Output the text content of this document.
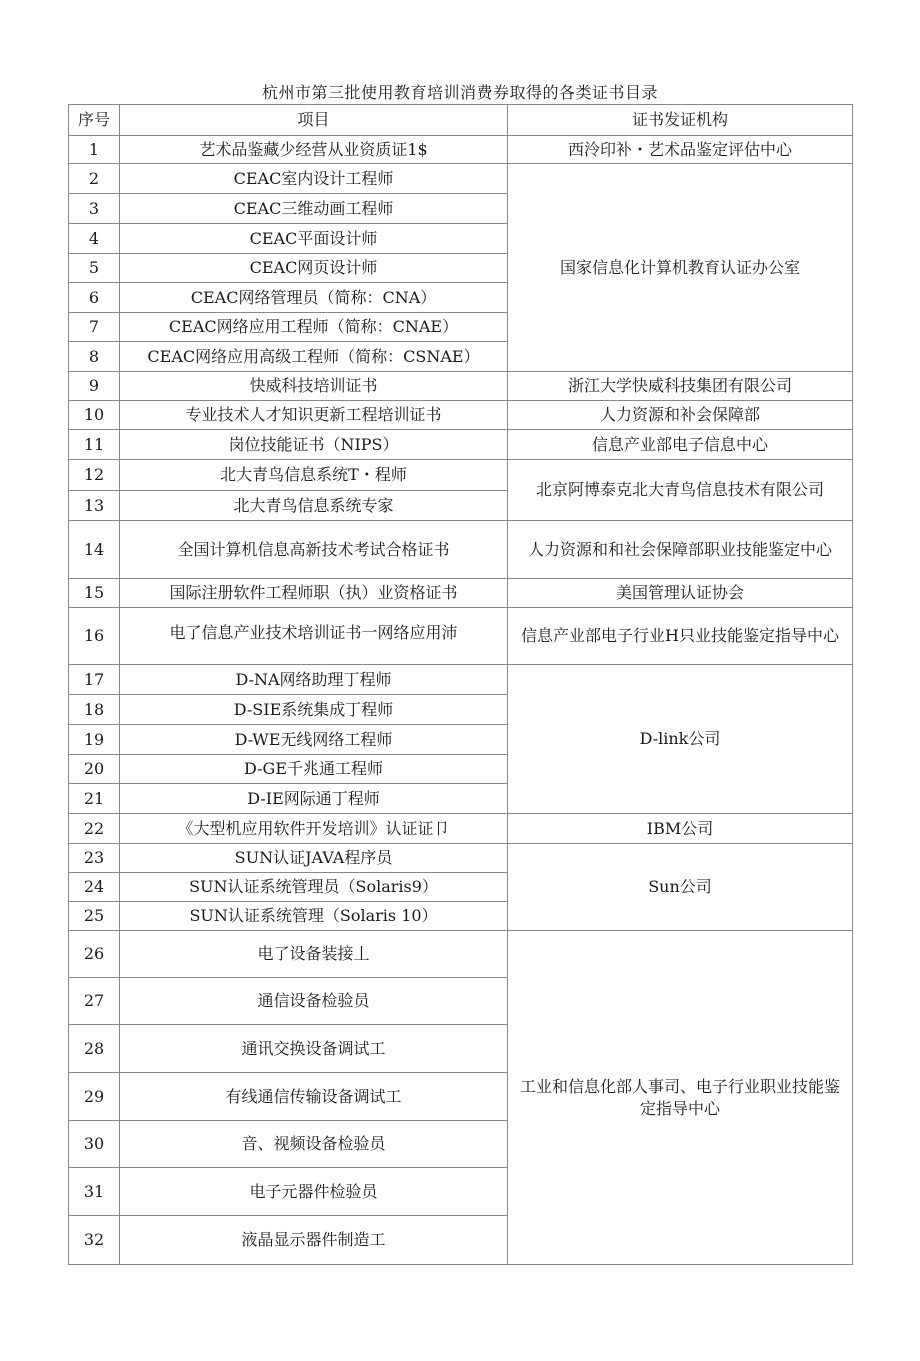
杭州市第三批使用教育培训消费券取得的各类证书目录
序号	项目	证书发证机构
1	艺术品鉴藏少经营从业资质证1$	西泠印补・艺术品鉴定评估中心
2	CEAC室内设计工程师	国家信息化计算机教育认证办公室
3	CEAC三维动画工程师	
4	CEAC平面设计师	
5	CEAC网页设计师	
6	CEAC网络管理员（简称：CNA）	
7	CEAC网络应用工程师（简称：CNAE）	
8	CEAC网络应用高级工程师（简称：CSNAE）	
9	快威科技培训证书	浙江大学快威科技集团有限公司
10	专业技术人才知识更新工程培训证书	人力资源和补会保障部
11	岗位技能证书（NIPS）	信息产业部电子信息中心
12	北大青鸟信息系统T・程师	北京阿博泰克北大青鸟信息技术有限公司
13	北大青鸟信息系统专家	
14	全国计算机信息高新技术考试合格证书	人力资源和和社会保障部职业技能鉴定中心
15	国际注册软件工程师职（执）业资格证书	美国管理认证协会
16	电了信息产业技术培训证书一网络应用沛	信息产业部电子行业H只业技能鉴定指导中心
17	D-NA网络助理丁程师	D-link公司
18	D-SIE系统集成丁程师	
19	D-WE无线网络工程师	
20	D-GE千兆通工程师	
21	D-IE网际通丁程师	
22	《大型机应用软件开发培训》认证证卩	IBM公司
23	SUN认证JAVA程序员	Sun公司
24	SUN认证系统管理员（Solaris9）	
25	SUN认证系统管理（Solaris 10）	
26	电了设备装接丄	工业和信息化部人事司、电子行业职业技能鉴定指导中心
27	通信设备检验员	
28	通讯交换设备调试工	
29	有线通信传输设备调试工	
30	音、视频设备检验员	
31	电子元器件检验员	
32	液晶显示器件制造工	
